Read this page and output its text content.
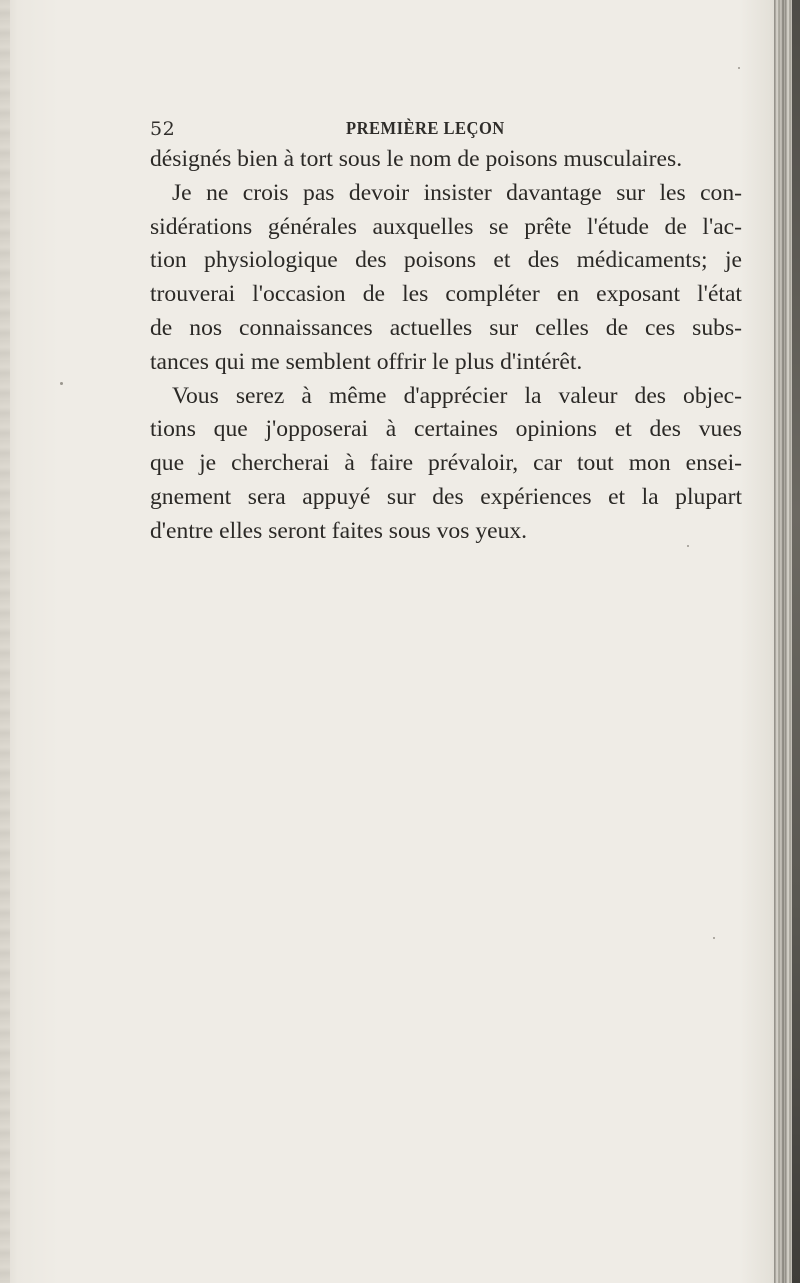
52	PREMIÈRE LEÇON
désignés bien à tort sous le nom de poisons musculaires.
Je ne crois pas devoir insister davantage sur les con-
sidérations générales auxquelles se prête l'étude de l'ac-
tion physiologique des poisons et des médicaments; je
trouverai l'occasion de les compléter en exposant l'état
de nos connaissances actuelles sur celles de ces subs-
tances qui me semblent offrir le plus d'intérêt.
Vous serez à même d'apprécier la valeur des objec-
tions que j'opposerai à certaines opinions et des vues
que je chercherai à faire prévaloir, car tout mon ensei-
gnement sera appuyé sur des expériences et la plupart
d'entre elles seront faites sous vos yeux.
